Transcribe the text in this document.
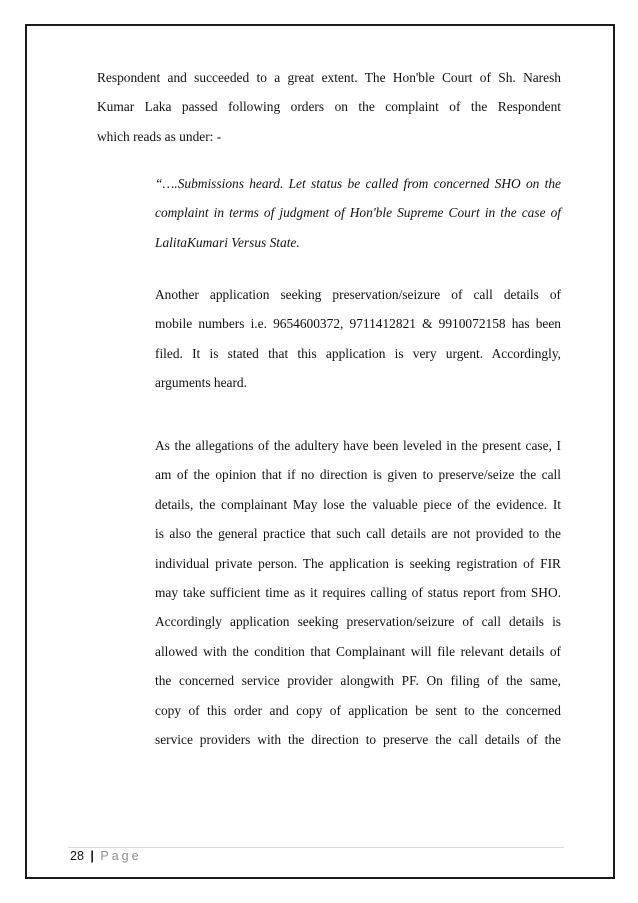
Respondent and succeeded to a great extent. The Hon'ble Court of Sh. Naresh
Kumar Laka passed following orders on the complaint of the Respondent
which reads as under: -
“….Submissions heard. Let status be called from concerned SHO on the
complaint in terms of judgment of Hon'ble Supreme Court in the case of
LalitaKumari Versus State.
Another application seeking preservation/seizure of call details of
mobile numbers i.e. 9654600372, 9711412821 & 9910072158 has been
filed. It is stated that this application is very urgent. Accordingly,
arguments heard.
As the allegations of the adultery have been leveled in the present case, I
am of the opinion that if no direction is given to preserve/seize the call
details, the complainant May lose the valuable piece of the evidence. It
is also the general practice that such call details are not provided to the
individual private person. The application is seeking registration of FIR
may take sufficient time as it requires calling of status report from SHO.
Accordingly application seeking preservation/seizure of call details is
allowed with the condition that Complainant will file relevant details of
the concerned service provider alongwith PF. On filing of the same,
copy of this order and copy of application be sent to the concerned
service providers with the direction to preserve the call details of the
28 | Page
